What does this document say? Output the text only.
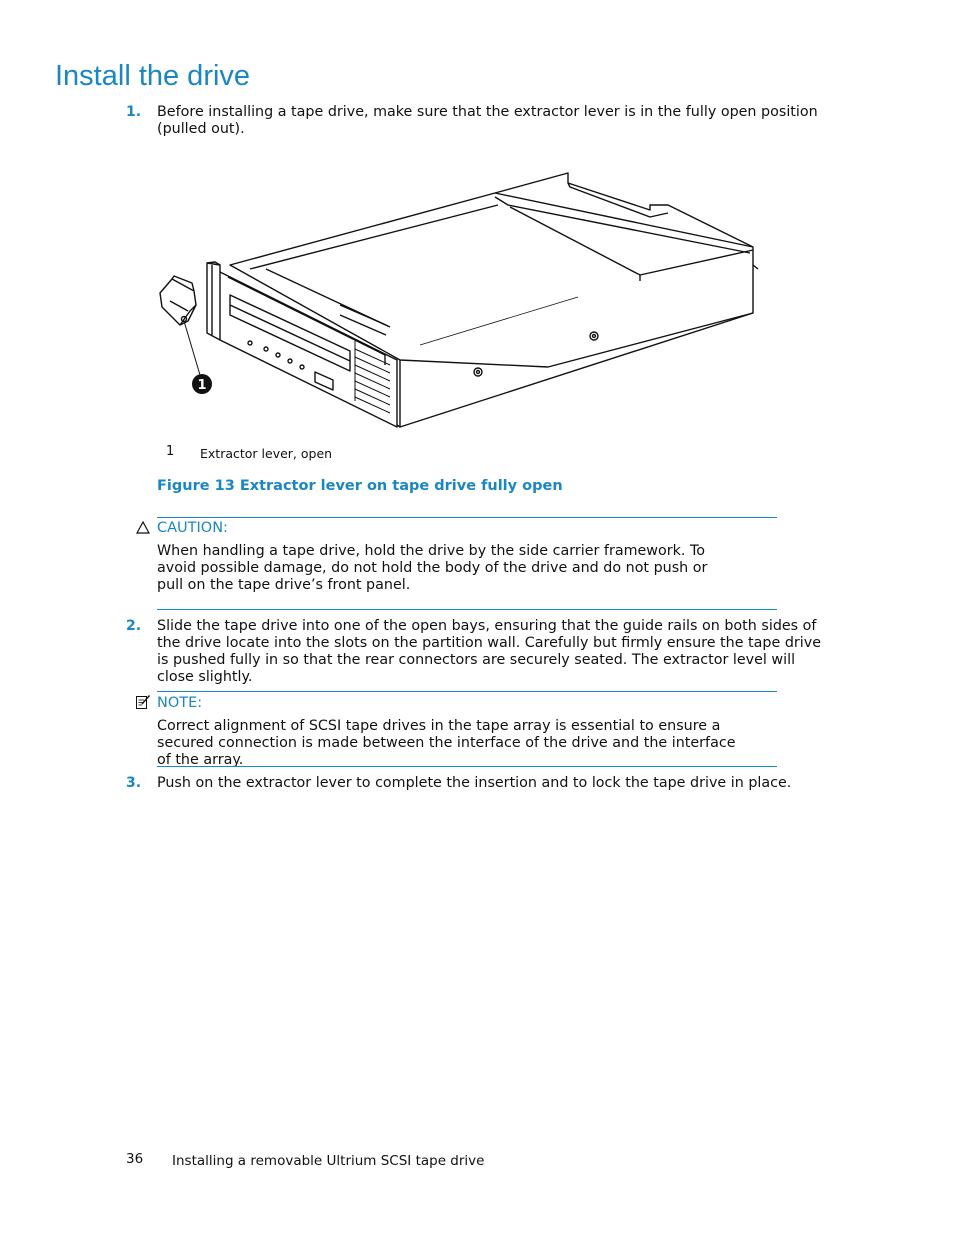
Install the drive
1. Before installing a tape drive, make sure that the extractor lever is in the fully open position (pulled out).
1
1 Extractor lever, open
Figure 13 Extractor lever on tape drive fully open
CAUTION:
When handling a tape drive, hold the drive by the side carrier framework. To avoid possible damage, do not hold the body of the drive and do not push or pull on the tape drive’s front panel.
2. Slide the tape drive into one of the open bays, ensuring that the guide rails on both sides of the drive locate into the slots on the partition wall. Carefully but firmly ensure the tape drive is pushed fully in so that the rear connectors are securely seated. The extractor level will close slightly.
NOTE:
Correct alignment of SCSI tape drives in the tape array is essential to ensure a secured connection is made between the interface of the drive and the interface of the array.
3. Push on the extractor lever to complete the insertion and to lock the tape drive in place.
36 Installing a removable Ultrium SCSI tape drive
